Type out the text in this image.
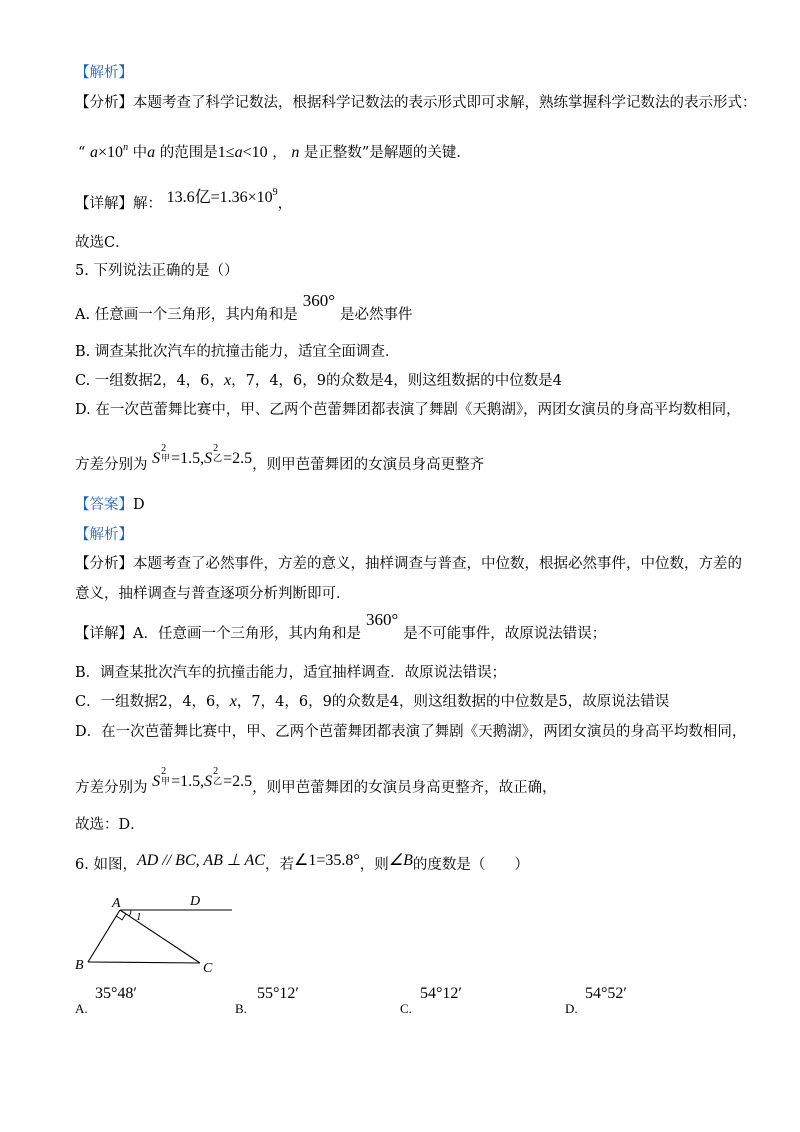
【解析】
【分析】本题考查了科学记数法，根据科学记数法的表示形式即可求解，熟练掌握科学记数法的表示形式：
“ a×10n 中a 的范围是1≤a<10 ， n 是正整数”是解题的关键．
【详解】解： 13.6亿=1.36×109，
故选C．
5. 下列说法正确的是（）
A. 任意画一个三角形，其内角和是360°是必然事件
B. 调查某批次汽车的抗撞击能力，适宜全面调查．
C. 一组数据2，4，6，x，7，4，6，9的众数是4，则这组数据的中位数是4
D. 在一次芭蕾舞比赛中，甲、乙两个芭蕾舞团都表演了舞剧《天鹅湖》，两团女演员的身高平均数相同，
方差分别为 S
2
甲 =1.5,S
2
乙 =2.5，则甲芭蕾舞团的女演员身高更整齐
【答案】D
【解析】
【分析】本题考查了必然事件，方差的意义，抽样调查与普查，中位数，根据必然事件，中位数，方差的
意义，抽样调查与普查逐项分析判断即可．
【详解】A．任意画一个三角形，其内角和是360°是不可能事件，故原说法错误；
B．调查某批次汽车的抗撞击能力，适宜抽样调查．故原说法错误；
C．一组数据2，4，6，x，7，4，6，9的众数是4，则这组数据的中位数是5，故原说法错误
D．在一次芭蕾舞比赛中，甲、乙两个芭蕾舞团都表演了舞剧《天鹅湖》，两团女演员的身高平均数相同，
方差分别为 S
2
甲 =1.5,S
2
乙 =2.5，则甲芭蕾舞团的女演员身高更整齐，故正确，
故选：D．
6. 如图，AD // BC, AB ⊥ AC，若∠1=35.8°，则∠B的度数是（　　）
A	D
B	C
1
A.
35°48′
B.
55°12′
C.
54°12′
D.
54°52′
